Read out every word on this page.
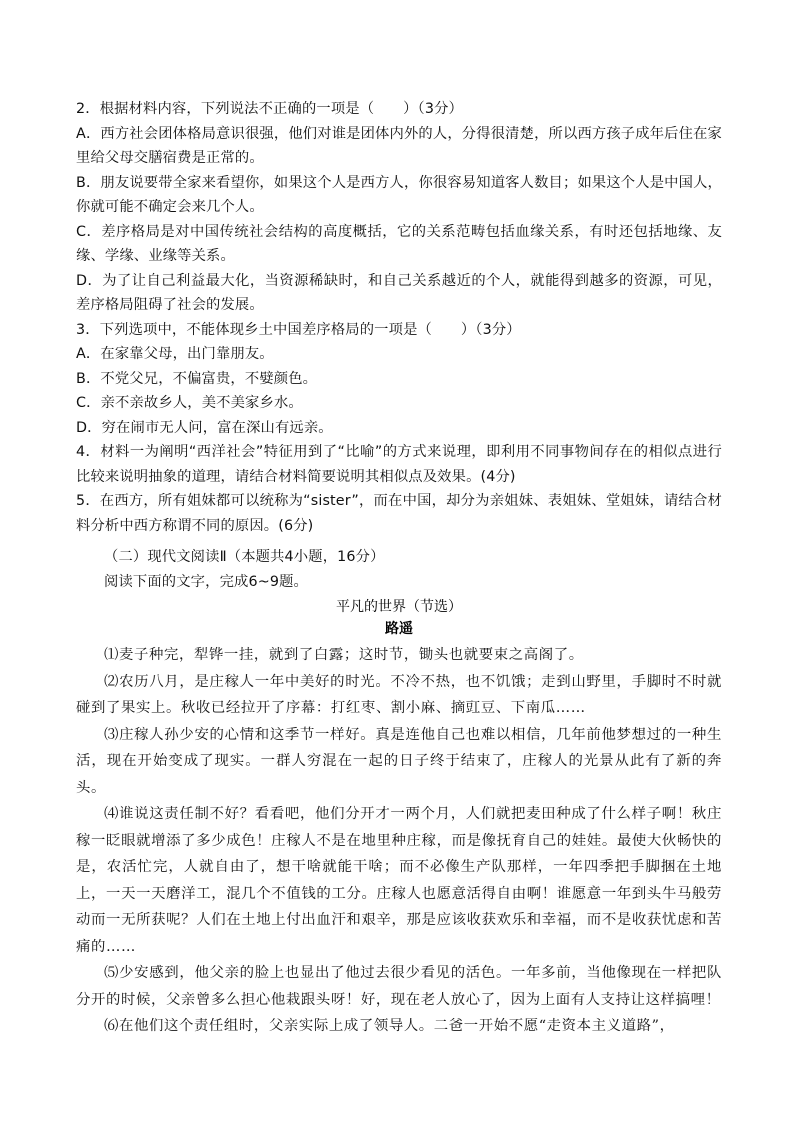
2．根据材料内容，下列说法不正确的一项是（　　）（3分）

A．西方社会团体格局意识很强，他们对谁是团体内外的人，分得很清楚，所以西方孩子成年后住在家里给父母交膳宿费是正常的。

B．朋友说要带全家来看望你，如果这个人是西方人，你很容易知道客人数目；如果这个人是中国人，你就可能不确定会来几个人。

C．差序格局是对中国传统社会结构的高度概括，它的关系范畴包括血缘关系，有时还包括地缘、友缘、学缘、业缘等关系。

D．为了让自己利益最大化，当资源稀缺时，和自己关系越近的个人，就能得到越多的资源，可见，差序格局阻碍了社会的发展。

3．下列选项中，不能体现乡土中国差序格局的一项是（　　）（3分）

A．在家靠父母，出门靠朋友。

B．不党父兄，不偏富贵，不嬖颜色。

C．亲不亲故乡人，美不美家乡水。

D．穷在闹市无人问，富在深山有远亲。

4．材料一为阐明“西洋社会”特征用到了“比喻”的方式来说理，即利用不同事物间存在的相似点进行比较来说明抽象的道理，请结合材料简要说明其相似点及效果。(4分)

5．在西方，所有姐妹都可以统称为“sister”，而在中国，却分为亲姐妹、表姐妹、堂姐妹，请结合材料分析中西方称谓不同的原因。(6分)

（二）现代文阅读Ⅱ（本题共4小题，16分）

阅读下面的文字，完成6~9题。

平凡的世界（节选）

路遥

⑴麦子种完，犁铧一挂，就到了白露；这时节，锄头也就要束之高阁了。

⑵农历八月，是庄稼人一年中美好的时光。不冷不热，也不饥饿；走到山野里，手脚时不时就碰到了果实上。秋收已经拉开了序幕：打红枣、割小麻、摘豇豆、下南瓜……

⑶庄稼人孙少安的心情和这季节一样好。真是连他自己也难以相信，几年前他梦想过的一种生活，现在开始变成了现实。一群人穷混在一起的日子终于结束了，庄稼人的光景从此有了新的奔头。

⑷谁说这责任制不好？看看吧，他们分开才一两个月，人们就把麦田种成了什么样子啊！秋庄稼一眨眼就增添了多少成色！庄稼人不是在地里种庄稼，而是像抚育自己的娃娃。最使大伙畅快的是，农活忙完，人就自由了，想干啥就能干啥；而不必像生产队那样，一年四季把手脚捆在土地上，一天一天磨洋工，混几个不值钱的工分。庄稼人也愿意活得自由啊！谁愿意一年到头牛马般劳动而一无所获呢？人们在土地上付出血汗和艰辛，那是应该收获欢乐和幸福，而不是收获忧虑和苦痛的……

⑸少安感到，他父亲的脸上也显出了他过去很少看见的活色。一年多前，当他像现在一样把队分开的时候，父亲曾多么担心他栽跟头呀！好，现在老人放心了，因为上面有人支持让这样搞哩！

⑹在他们这个责任组时，父亲实际上成了领导人。二爸一开始不愿“走资本主义道路”，
